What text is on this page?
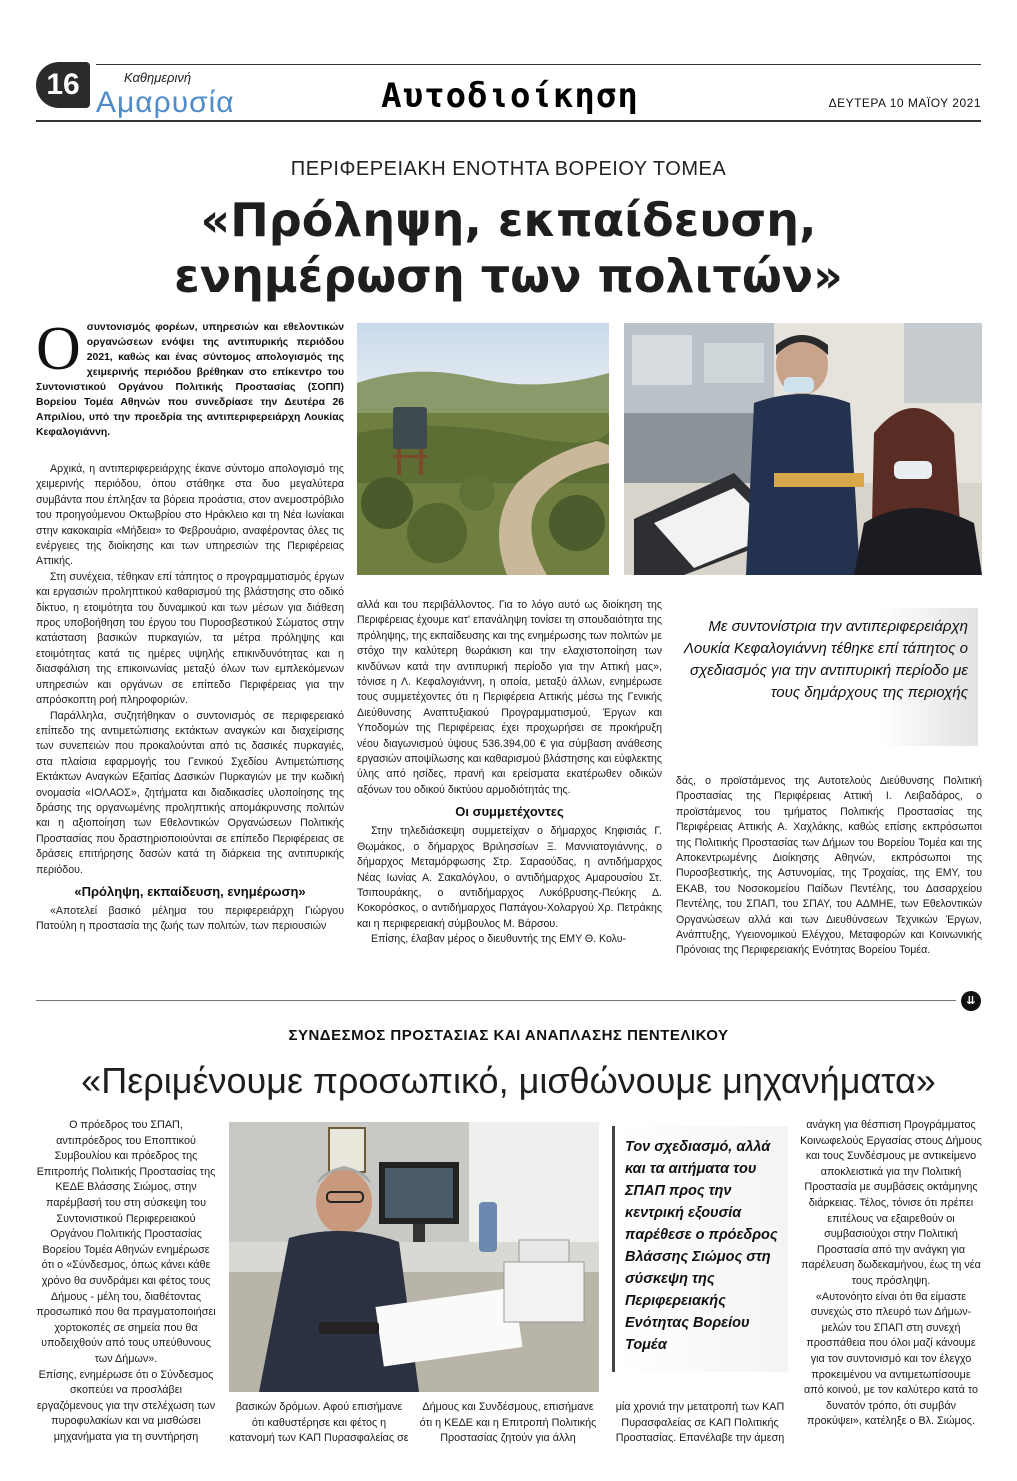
16	Καθημερινή
Αμαρυσία	Αυτοδιοίκηση	ΔΕΥΤΕΡΑ 10 ΜΑΪΟΥ 2021
ΠΕΡΙΦΕΡΕΙΑΚΗ ΕΝΟΤΗΤΑ ΒΟΡΕΙΟΥ ΤΟΜΕΑ
«Πρόληψη, εκπαίδευση,
ενημέρωση των πολιτών»
Ο συντονισμός φορέων, υπηρεσιών και εθελοντικών οργανώσεων ενόψει της αντιπυρικής περιόδου 2021, καθώς και ένας σύντομος απολογισμός της χειμερινής περιόδου βρέθηκαν στο επίκεντρο του Συντονιστικού Οργάνου Πολιτικής Προστασίας (ΣΟΠΠ) Βορείου Τομέα Αθηνών που συνεδρίασε την Δευτέρα 26 Απριλίου, υπό την προεδρία της αντιπεριφερειάρχη Λουκίας Κεφαλογιάννη.

Αρχικά, η αντιπεριφερειάρχης έκανε σύντομο απολογισμό της χειμερινής περιόδου, όπου στάθηκε στα δυο μεγαλύτερα συμβάντα που έπληξαν τα βόρεια προάστια, στον ανεμοστρόβιλο του προηγούμενου Οκτωβρίου στο Ηράκλειο και τη Νέα Ιωνίακαι στην κακοκαιρία «Μήδεια» το Φεβρουάριο, αναφέροντας όλες τις ενέργειες της διοίκησης και των υπηρεσιών της Περιφέρειας Αττικής.

Στη συνέχεια, τέθηκαν επί τάπητος ο προγραμματισμός έργων και εργασιών προληπτικού καθαρισμού της βλάστησης στο οδικό δίκτυο, η ετοιμότητα του δυναμικού και των μέσων για διάθεση προς υποβοήθηση του έργου του Πυροσβεστικού Σώματος στην κατάσταση βασικών πυρκαγιών, τα μέτρα πρόληψης και ετοιμότητας κατά τις ημέρες υψηλής επικινδυνότητας και η διασφάλιση της επικοινωνίας μεταξύ όλων των εμπλεκόμενων υπηρεσιών και οργάνων σε επίπεδο Περιφέρειας για την απρόσκοπτη ροή πληροφοριών.

Παράλληλα, συζητήθηκαν ο συντονισμός σε περιφερειακό επίπεδο της αντιμετώπισης εκτάκτων αναγκών και διαχείρισης των συνεπειών που προκαλούνται από τις δασικές πυρκαγιές, στα πλαίσια εφαρμογής του Γενικού Σχεδίου Αντιμετώπισης Εκτάκτων Αναγκών Εξαιτίας Δασικών Πυρκαγιών με την κωδική ονομασία «ΙΟΛΑΟΣ», ζητήματα και διαδικασίες υλοποίησης της δράσης της οργανωμένης προληπτικής απομάκρυνσης πολιτών και η αξιοποίηση των Εθελοντικών Οργανώσεων Πολιτικής Προστασίας που δραστηριοποιούνται σε επίπεδο Περιφέρειας σε δράσεις επιτήρησης δασών κατά τη διάρκεια της αντιπυρικής περιόδου.

«Πρόληψη, εκπαίδευση, ενημέρωση»

«Αποτελεί βασικό μέλημα του περιφερειάρχη Γιώργου Πατούλη η προστασία της ζωής των πολιτών, των περιουσιών

αλλά και του περιβάλλοντος. Για το λόγο αυτό ως διοίκηση της Περιφέρειας έχουμε κατ' επανάληψη τονίσει τη σπουδαιότητα της πρόληψης, της εκπαίδευσης και της ενημέρωσης των πολιτών με στόχο την καλύτερη θωράκιση και την ελαχιστοποίηση των κινδύνων κατά την αντιπυρική περίοδο για την Αττική μας», τόνισε η Λ. Κεφαλογιάννη, η οποία, μεταξύ άλλων, ενημέρωσε τους συμμετέχοντες ότι η Περιφέρεια Αττικής μέσω της Γενικής Διεύθυνσης Αναπτυξιακού Προγραμματισμού, Έργων και Υποδομών της Περιφέρειας έχει προχωρήσει σε προκήρυξη νέου διαγωνισμού ύψους 536.394,00 € για σύμβαση ανάθεσης εργασιών αποψίλωσης και καθαρισμού βλάστησης και εύφλεκτης ύλης από ησίδες, πρανή και ερείσματα εκατέρωθεν οδικών αξόνων του οδικού δικτύου αρμοδιότητάς της.

Οι συμμετέχοντες

Στην τηλεδιάσκεψη συμμετείχαν ο δήμαρχος Κηφισιάς Γ. Θωμάκος, ο δήμαρχος Βριλησσίων Ξ. Μαννιατογιάννης, ο δήμαρχος Μεταμόρφωσης Στρ. Σαραούδας, η αντιδήμαρχος Νέας Ιωνίας Α. Σακαλόγλου, ο αντιδήμαρχος Αμαρουσίου Στ. Τσιπουράκης, ο αντιδήμαρχος Λυκόβρυσης-Πεύκης Δ. Κοκορόσκος, ο αντιδήμαρχος Παπάγου-Χολαργού Χρ. Πετράκης και η περιφερειακή σύμβουλος Μ. Βάρσου.

Επίσης, έλαβαν μέρος ο διευθυντής της ΕΜΥ Θ. Κολυ-

Με συντονίστρια την αντιπεριφερειάρχη Λουκία Κεφαλογιάννη τέθηκε επί τάπητος ο σχεδιασμός για την αντιπυρική περίοδο με τους δημάρχους της περιοχής

δάς, ο προϊστάμενος της Αυτοτελούς Διεύθυνσης Πολιτική Προστασίας της Περιφέρειας Αττική Ι. Λειβαδάρος, ο προϊστάμενος του τμήματος Πολιτικής Προστασίας της Περιφέρειας Αττικής Α. Χαχλάκης, καθώς επίσης εκπρόσωποι της Πολιτικής Προστασίας των Δήμων του Βορείου Τομέα και της Αποκεντρωμένης Διοίκησης Αθηνών, εκπρόσωποι της Πυροσβεστικής, της Αστυνομίας, της Τροχαίας, της ΕΜΥ, του ΕΚΑΒ, του Νοσοκομείου Παίδων Πεντέλης, του Δασαρχείου Πεντέλης, του ΣΠΑΠ, του ΣΠΑΥ, του ΑΔΜΗΕ, των Εθελοντικών Οργανώσεων αλλά και των Διευθύνσεων Τεχνικών Έργων, Ανάπτυξης, Υγειονομικού Ελέγχου, Μεταφορών και Κοινωνικής Πρόνοιας της Περιφερειακής Ενότητας Βορείου Τομέα.

⇊
ΣΥΝΔΕΣΜΟΣ ΠΡΟΣΤΑΣΙΑΣ ΚΑΙ ΑΝΑΠΛΑΣΗΣ ΠΕΝΤΕΛΙΚΟΥ
«Περιμένουμε προσωπικό, μισθώνουμε μηχανήματα»

Ο πρόεδρος του ΣΠΑΠ, αντιπρόεδρος του Εποπτικού Συμβουλίου και πρόεδρος της Επιτροπής Πολιτικής Προστασίας της ΚΕΔΕ Βλάσσης Σιώμος, στην παρέμβασή του στη σύσκεψη του Συντονιστικού Περιφερειακού Οργάνου Πολιτικής Προστασίας Βορείου Τομέα Αθηνών ενημέρωσε ότι ο «Σύνδεσμος, όπως κάνει κάθε χρόνο θα συνδράμει και φέτος τους Δήμους - μέλη του, διαθέτοντας προσωπικό που θα πραγματοποιήσει χορτοκοπές σε σημεία που θα υποδειχθούν από τους υπεύθυνους των Δήμων».

Επίσης, ενημέρωσε ότι ο Σύνδεσμος σκοπεύει να προσλάβει εργαζόμενους για την στελέχωση των πυροφυλακίων και να μισθώσει μηχανήματα για τη συντήρηση

Τον σχεδιασμό, αλλά και τα αιτήματα του ΣΠΑΠ προς την κεντρική εξουσία παρέθεσε ο πρόεδρος Βλάσσης Σιώμος στη σύσκεψη της Περιφερειακής Ενότητας Βορείου Τομέα

βασικών δρόμων. Αφού επισήμανε ότι καθυστέρησε και φέτος η κατανομή των ΚΑΠ Πυρασφαλείας σε

Δήμους και Συνδέσμους, επισήμανε ότι η ΚΕΔΕ και η Επιτροπή Πολιτικής Προστασίας ζητούν για άλλη

μία χρονιά την μετατροπή των ΚΑΠ Πυρασφαλείας σε ΚΑΠ Πολιτικής Προστασίας. Επανέλαβε την άμεση

ανάγκη για θέσπιση Προγράμματος Κοινωφελούς Εργασίας στους Δήμους και τους Συνδέσμους με αντικείμενο αποκλειστικά για την Πολιτική Προστασία με συμβάσεις οκτάμηνης διάρκειας. Τέλος, τόνισε ότι πρέπει επιτέλους να εξαιρεθούν οι συμβασιούχοι στην Πολιτική Προστασία από την ανάγκη για παρέλευση δωδεκαμήνου, έως τη νέα τους πρόσληψη.

«Αυτονόητο είναι ότι θα είμαστε συνεχώς στο πλευρό των Δήμων-μελών του ΣΠΑΠ στη συνεχή προσπάθεια που όλοι μαζί κάνουμε για τον συντονισμό και τον έλεγχο προκειμένου να αντιμετωπίσουμε από κοινού, με τον καλύτερο κατά το δυνατόν τρόπο, ότι συμβάν προκύψει», κατέληξε ο Βλ. Σιώμος.
